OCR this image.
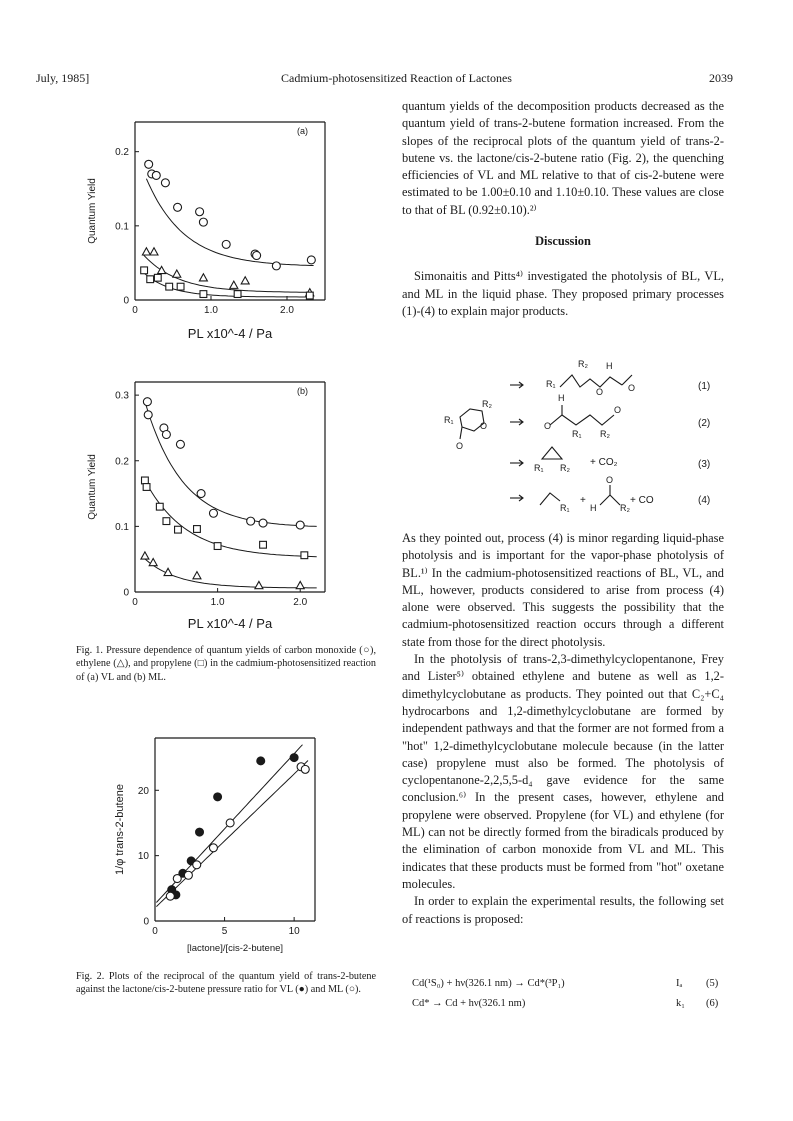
July, 1985]	Cadmium-photosensitized Reaction of Lactones	2039
0	1.0	2.0
0
0.1
0.2
PL x10^-4 / Pa
Quantum Yield
(a)
0	1.0	2.0
0
0.1
0.2
0.3
PL x10^-4 / Pa
Quantum Yield
(b)
Fig. 1. Pressure dependence of quantum yields of carbon monoxide (○), ethylene (△), and propylene (□) in the cadmium-photosensitized reaction of (a) VL and (b) ML.
0	5	10
0
10
20
[lactone]/[cis-2-butene]
1/φ trans-2-butene
Fig. 2. Plots of the reciprocal of the quantum yield of trans-2-butene against the lactone/cis-2-butene pressure ratio for VL (●) and ML (○).

quantum yields of the decomposition products decreased as the quantum yield of trans-2-butene formation increased. From the slopes of the reciprocal plots of the quantum yield of trans-2-butene vs. the lactone/cis-2-butene ratio (Fig. 2), the quenching efficiencies of VL and ML relative to that of cis-2-butene were estimated to be 1.00±0.10 and 1.10±0.10. These values are close to that of BL (0.92±0.10).²⁾

Discussion

Simonaitis and Pitts⁴⁾ investigated the photolysis of BL, VL, and ML in the liquid phase. They proposed primary processes (1)-(4) to explain major products.

R₁
R₂
O
O
R₁
R₂ H
O	O
O
H
R₁ R₂
O
R₁ R₂
R₁ H
O
R₂
+ CO₂
+	+ CO
(1)
(2)
(3)
(4)

As they pointed out, process (4) is minor regarding liquid-phase photolysis and is important for the vapor-phase photolysis of BL.¹⁾ In the cadmium-photosensitized reactions of BL, VL, and ML, however, products considered to arise from process (4) alone were observed. This suggests the possibility that the cadmium-photosensitized reaction occurs through a different state from those for the direct photolysis.

In the photolysis of trans-2,3-dimethylcyclopentanone, Frey and Lister⁵⁾ obtained ethylene and butene as well as 1,2-dimethylcyclobutane as products. They pointed out that C₂+C₄ hydrocarbons and 1,2-dimethylcyclobutane are formed by independent pathways and that the former are not formed from a "hot" 1,2-dimethylcyclobutane molecule because (in the latter case) propylene must also be formed. The photolysis of cyclopentanone-2,2,5,5-d₄ gave evidence for the same conclusion.⁶⁾ In the present cases, however, ethylene and propylene were observed. Propylene (for VL) and ethylene (for ML) can not be directly formed from the biradicals produced by the elimination of carbon monoxide from VL and ML. This indicates that these products must be formed from "hot" oxetane molecules.

In order to explain the experimental results, the following set of reactions is proposed:

Cd(¹S₀) + hν(326.1 nm) → Cd*(³P₁)	Iₐ (5)
Cd* → Cd + hν(326.1 nm)	k₁ (6)
